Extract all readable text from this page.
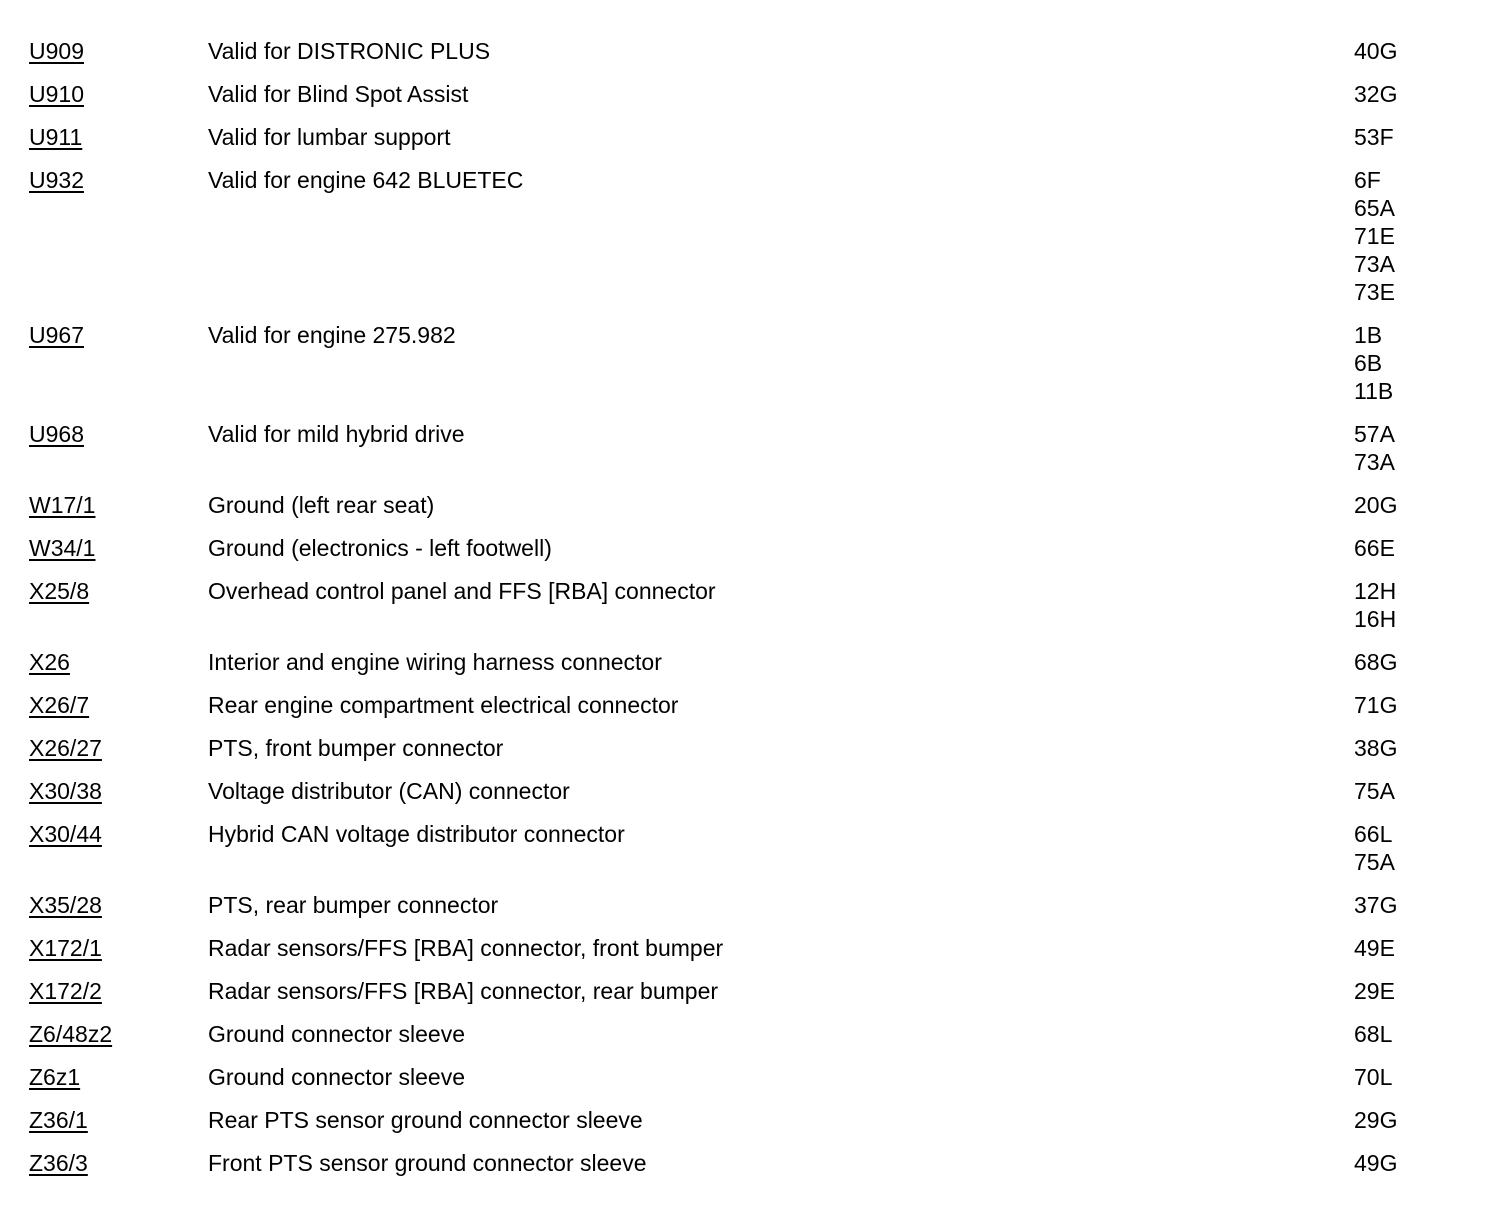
U909	Valid for DISTRONIC PLUS	40G
U910	Valid for Blind Spot Assist	32G
U911	Valid for lumbar support	53F
U932	Valid for engine 642 BLUETEC	6F
65A
71E
73A
73E
U967	Valid for engine 275.982	1B
6B
11B
U968	Valid for mild hybrid drive	57A
73A
W17/1	Ground (left rear seat)	20G
W34/1	Ground (electronics - left footwell)	66E
X25/8	Overhead control panel and FFS [RBA] connector	12H
16H
X26	Interior and engine wiring harness connector	68G
X26/7	Rear engine compartment electrical connector	71G
X26/27	PTS, front bumper connector	38G
X30/38	Voltage distributor (CAN) connector	75A
X30/44	Hybrid CAN voltage distributor connector	66L
75A
X35/28	PTS, rear bumper connector	37G
X172/1	Radar sensors/FFS [RBA] connector, front bumper	49E
X172/2	Radar sensors/FFS [RBA] connector, rear bumper	29E
Z6/48z2	Ground connector sleeve	68L
Z6z1	Ground connector sleeve	70L
Z36/1	Rear PTS sensor ground connector sleeve	29G
Z36/3	Front PTS sensor ground connector sleeve	49G
